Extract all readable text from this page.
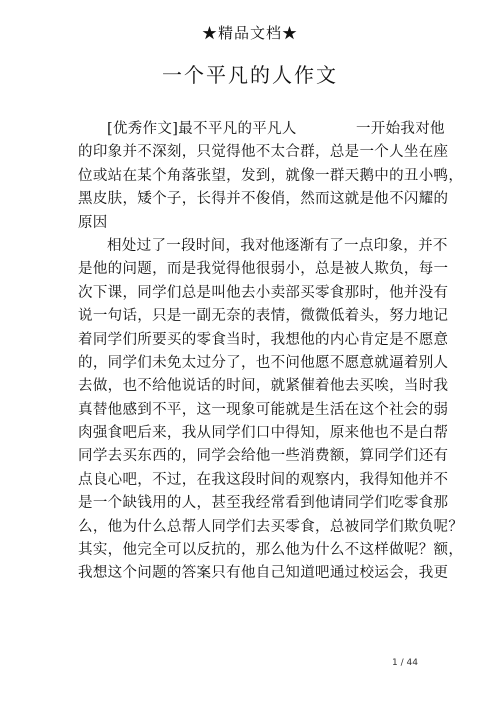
★精品文档★
一个平凡的人作文
[ 优 秀 作 文 ] 最 不 平 凡 的 平 凡 人

　	一 开 始 我 对 他
的 印 象 并 不 深 刻 ， 只 觉 得 他 不 太 合 群 ， 总 是 一 个 人 坐 在 座
位 或 站 在 某 个 角 落 张 望 ， 发 到 ， 就 像 一 群 天 鹅 中 的 丑 小 鸭 ，
黑 皮 肤 ， 矮 个 子 ， 长 得 并 不 俊 俏 ， 然 而 这 就 是 他 不 闪 耀 的
原因
相 处 过 了 一 段 时 间 ， 我 对 他 逐 渐 有 了 一 点 印 象 ， 并 不
是 他 的 问 题 ， 而 是 我 觉 得 他 很 弱 小 ， 总 是 被 人 欺 负 ， 每 一
次 下 课 ， 同 学 们 总 是 叫 他 去 小 卖 部 买 零 食 那 时 ， 他 并 没 有
说 一 句 话 ， 只 是 一 副 无 奈 的 表 情 ， 微 微 低 着 头 ， 努 力 地 记
着 同 学 们 所 要 买 的 零 食 当 时 ， 我 想 他 的 内 心 肯 定 是 不 愿 意
的 ， 同 学 们 未 免 太 过 分 了 ， 也 不 问 他 愿 不 愿 意 就 逼 着 别 人
去 做 ， 也 不 给 他 说 话 的 时 间 ， 就 紧 催 着 他 去 买 唉 ， 当 时 我
真 替 他 感 到 不 平 ， 这 一 现 象 可 能 就 是 生 活 在 这 个 社 会 的 弱
肉 强 食 吧 后 来 ， 我 从 同 学 们 口 中 得 知 ， 原 来 他 也 不 是 白 帮
同 学 去 买 东 西 的 ， 同 学 会 给 他 一 些 消 费 额 ， 算 同 学 们 还 有
点 良 心 吧 ， 不 过 ， 在 我 这 段 时 间 的 观 察 内 ， 我 得 知 他 并 不
是 一 个 缺 钱 用 的 人 ， 甚 至 我 经 常 看 到 他 请 同 学 们 吃 零 食 那
么 ， 他 为 什 么 总 帮 人 同 学 们 去 买 零 食 ， 总 被 同 学 们 欺 负 呢 ？
其 实 ， 他 完 全 可 以 反 抗 的 ， 那 么 他 为 什 么 不 这 样 做 呢 ？ 额 ，
我 想 这 个 问 题 的 答 案 只 有 他 自 己 知 道 吧 通 过 校 运 会 ， 我 更
1 / 44
